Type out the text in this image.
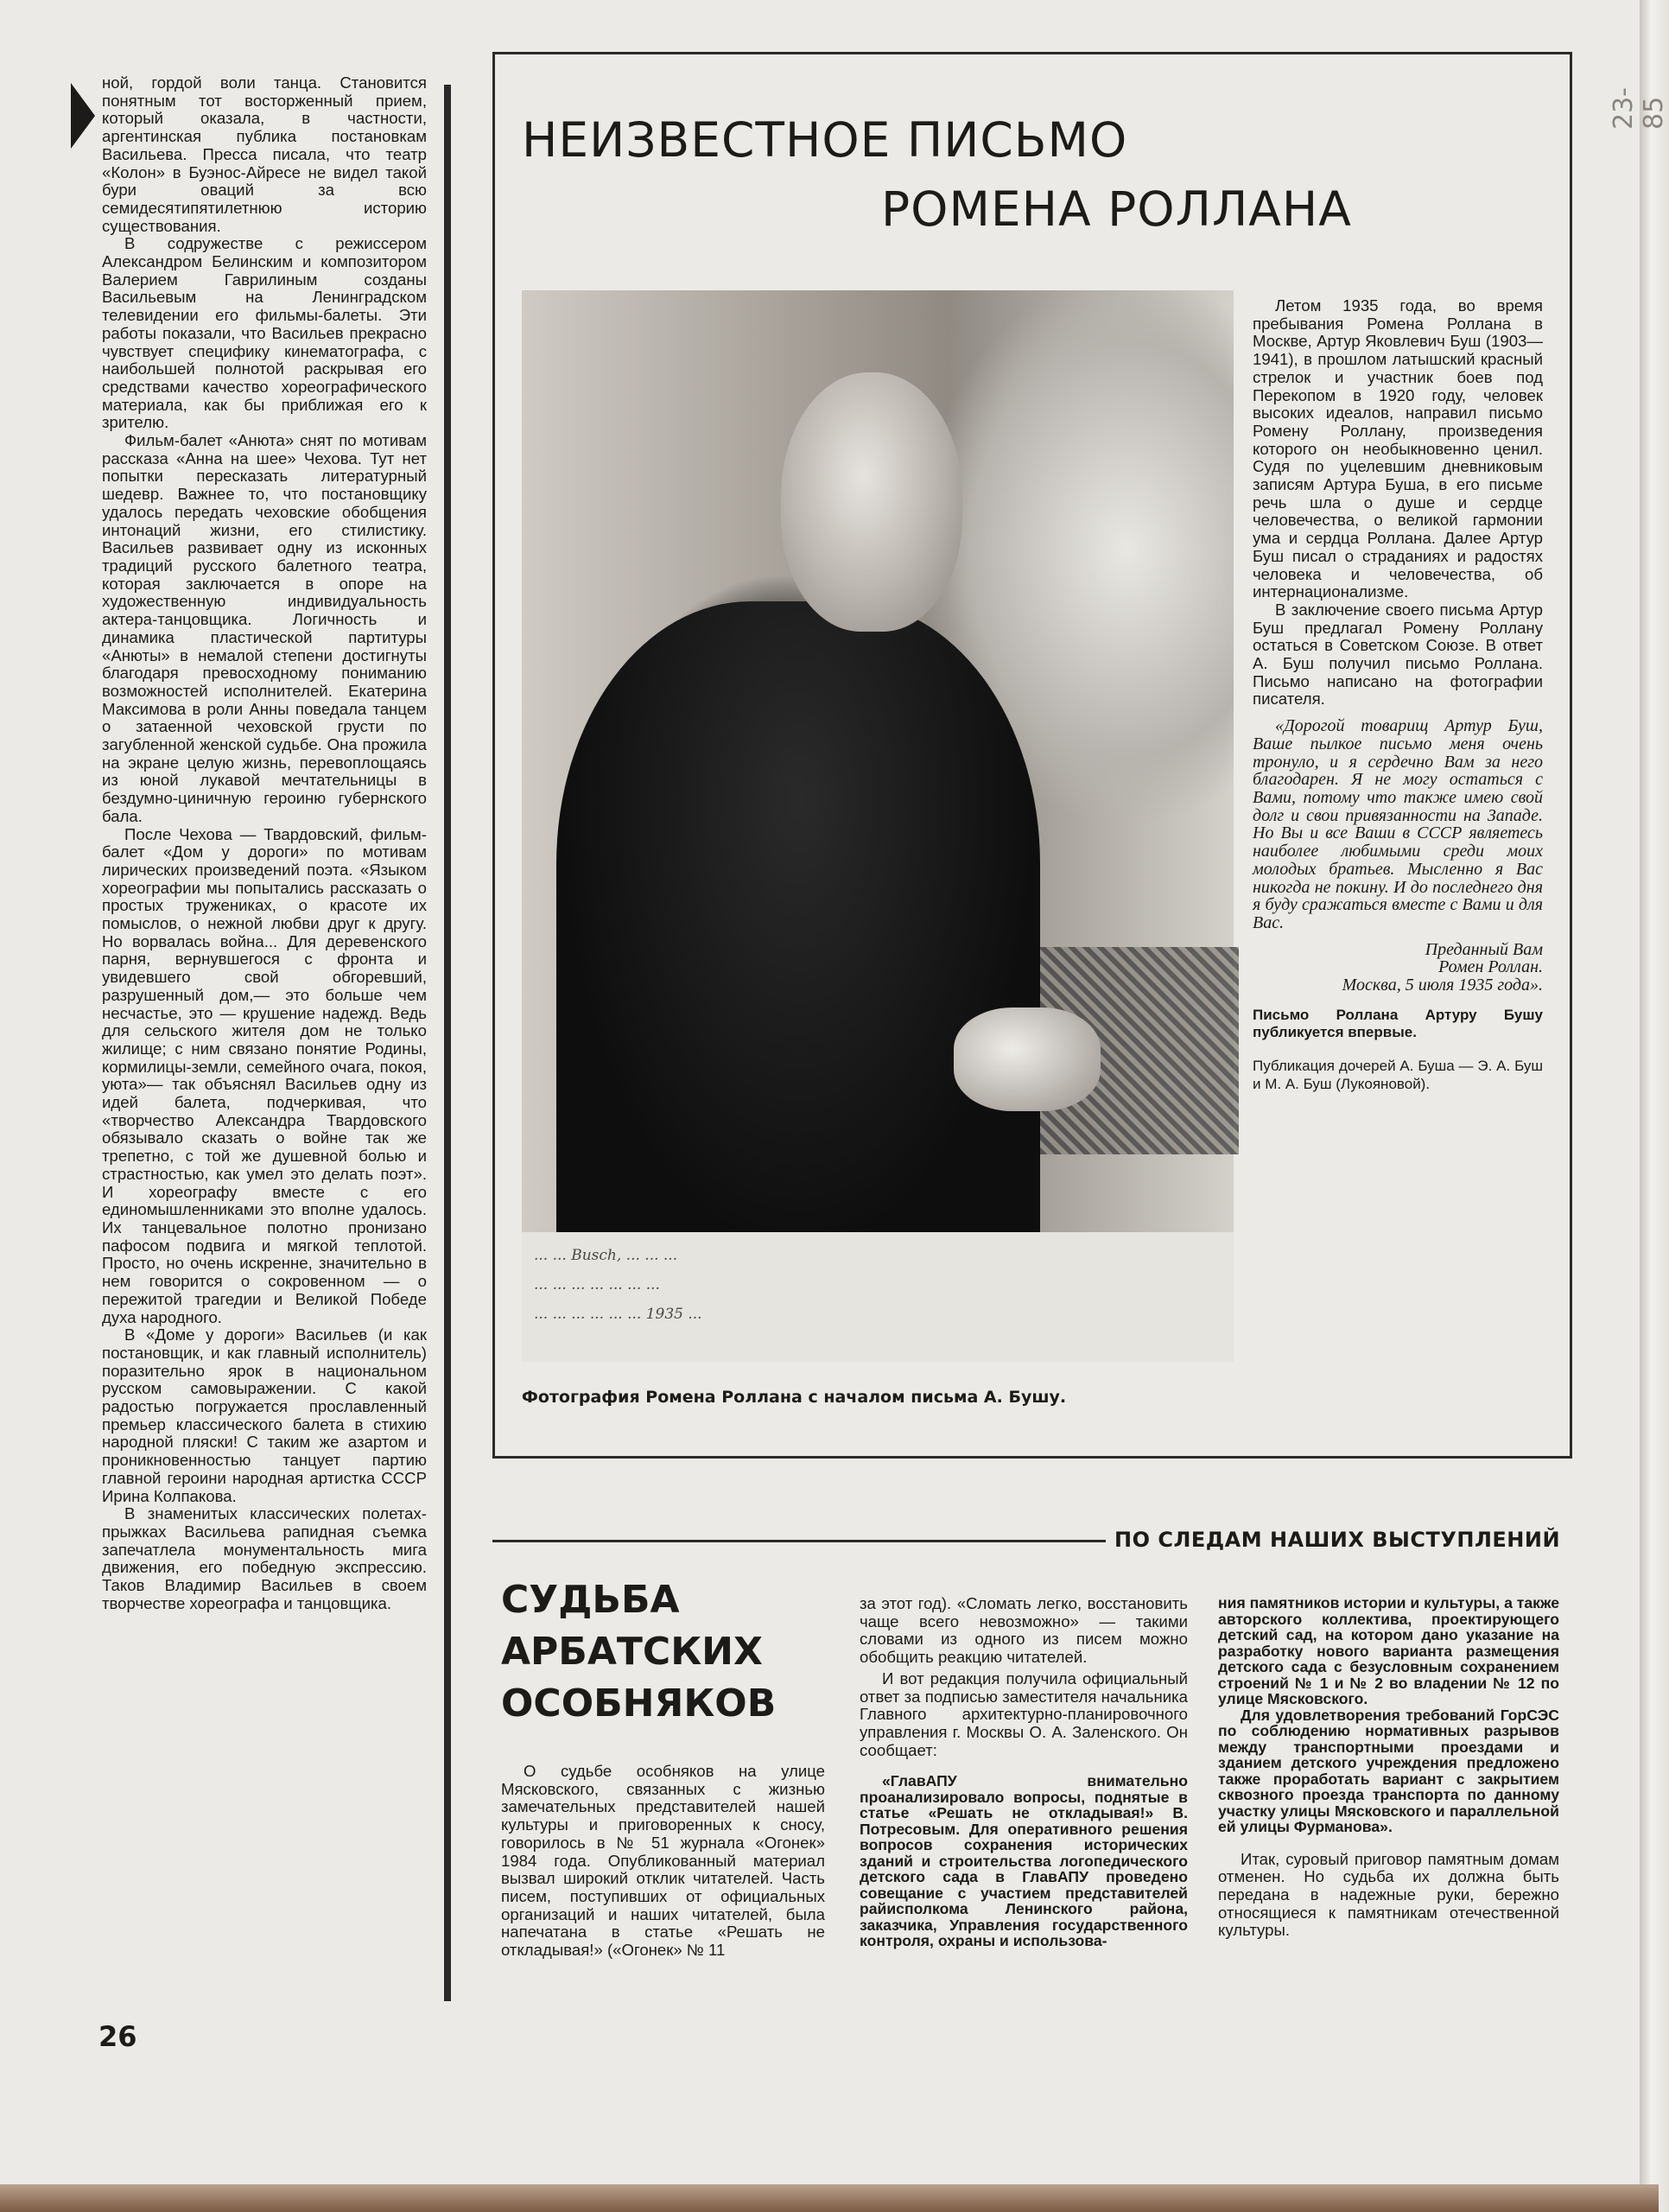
23-85

ной, гордой воли танца. Становится понятным тот восторженный прием, который оказала, в частности, аргентинская публика постановкам Васильева. Пресса писала, что театр «Колон» в Буэнос-Айресе не видел такой бури оваций за всю семидесятипятилетнюю историю существования.

В содружестве с режиссером Александром Белинским и композитором Валерием Гаврилиным созданы Васильевым на Ленинградском телевидении его фильмы-балеты. Эти работы показали, что Васильев прекрасно чувствует специфику кинематографа, с наибольшей полнотой раскрывая его средствами качество хореографического материала, как бы приближая его к зрителю.

Фильм-балет «Анюта» снят по мотивам рассказа «Анна на шее» Чехова. Тут нет попытки пересказать литературный шедевр. Важнее то, что постановщику удалось передать чеховские обобщения интонаций жизни, его стилистику. Васильев развивает одну из исконных традиций русского балетного театра, которая заключается в опоре на художественную индивидуальность актера-танцовщика. Логичность и динамика пластической партитуры «Анюты» в немалой степени достигнуты благодаря превосходному пониманию возможностей исполнителей. Екатерина Максимова в роли Анны поведала танцем о затаенной чеховской грусти по загубленной женской судьбе. Она прожила на экране целую жизнь, перевоплощаясь из юной лукавой мечтательницы в бездумно-циничную героиню губернского бала.

После Чехова — Твардовский, фильм-балет «Дом у дороги» по мотивам лирических произведений поэта. «Языком хореографии мы попытались рассказать о простых тружениках, о красоте их помыслов, о нежной любви друг к другу. Но ворвалась война... Для деревенского парня, вернувшегося с фронта и увидевшего свой обгоревший, разрушенный дом,— это больше чем несчастье, это — крушение надежд. Ведь для сельского жителя дом не только жилище; с ним связано понятие Родины, кормилицы-земли, семейного очага, покоя, уюта»— так объяснял Васильев одну из идей балета, подчеркивая, что «творчество Александра Твардовского обязывало сказать о войне так же трепетно, с той же душевной болью и страстностью, как умел это делать поэт». И хореографу вместе с его единомышленниками это вполне удалось. Их танцевальное полотно пронизано пафосом подвига и мягкой теплотой. Просто, но очень искренне, значительно в нем говорится о сокровенном — о пережитой трагедии и Великой Победе духа народного.

В «Доме у дороги» Васильев (и как постановщик, и как главный исполнитель) поразительно ярок в национальном русском самовыражении. С какой радостью погружается прославленный премьер классического балета в стихию народной пляски! С таким же азартом и проникновенностью танцует партию главной героини народная артистка СССР Ирина Колпакова.

В знаменитых классических полетах-прыжках Васильева рапидная съемка запечатлела монументальность мига движения, его победную экспрессию. Таков Владимир Васильев в своем творчестве хореографа и танцовщика.

НЕИЗВЕСТНОЕ ПИСЬМО
РОМЕНА РОЛЛАНА
... ... Busch, ... ... ...
... ... ... ... ... ... ...
... ... ... ... ... ... 1935 ...
Фотография Ромена Роллана с началом письма А. Бушу.

Летом 1935 года, во время пребывания Ромена Роллана в Москве, Артур Яковлевич Буш (1903—1941), в прошлом латышский красный стрелок и участник боев под Перекопом в 1920 году, человек высоких идеалов, направил письмо Ромену Роллану, произведения которого он необыкновенно ценил. Судя по уцелевшим дневниковым записям Артура Буша, в его письме речь шла о душе и сердце человечества, о великой гармонии ума и сердца Роллана. Далее Артур Буш писал о страданиях и радостях человека и человечества, об интернационализме.

В заключение своего письма Артур Буш предлагал Ромену Роллану остаться в Советском Союзе. В ответ А. Буш получил письмо Роллана. Письмо написано на фотографии писателя.

«Дорогой товарищ Артур Буш, Ваше пылкое письмо меня очень тронуло, и я сердечно Вам за него благодарен. Я не могу остаться с Вами, потому что также имею свой долг и свои привязанности на Западе. Но Вы и все Ваши в СССР являетесь наиболее любимыми среди моих молодых братьев. Мысленно я Вас никогда не покину. И до последнего дня я буду сражаться вместе с Вами и для Вас.

Преданный Вам

Ромен Роллан.

Москва, 5 июля 1935 года».

Письмо Роллана Артуру Бушу публикуется впервые.

Публикация дочерей А. Буша — Э. А. Буш и М. А. Буш (Лукояновой).

ПО СЛЕДАМ НАШИХ ВЫСТУПЛЕНИЙ
СУДЬБА АРБАТСКИХ ОСОБНЯКОВ

О судьбе особняков на улице Мясковского, связанных с жизнью замечательных представителей нашей культуры и приговоренных к сносу, говорилось в № 51 журнала «Огонек» 1984 года. Опубликованный материал вызвал широкий отклик читателей. Часть писем, поступивших от официальных организаций и наших читателей, была напечатана в статье «Решать не откладывая!» («Огонек» № 11

за этот год). «Сломать легко, восстановить чаще всего невозможно» — такими словами из одного из писем можно обобщить реакцию читателей.

И вот редакция получила официальный ответ за подписью заместителя начальника Главного архитектурно-планировочного управления г. Москвы О. А. Заленского. Он сообщает:

«ГлавАПУ внимательно проанализировало вопросы, поднятые в статье «Решать не откладывая!» В. Потресовым. Для оперативного решения вопросов сохранения исторических зданий и строительства логопедического детского сада в ГлавАПУ проведено совещание с участием представителей райисполкома Ленинского района, заказчика, Управления государственного контроля, охраны и использова-

ния памятников истории и культуры, а также авторского коллектива, проектирующего детский сад, на котором дано указание на разработку нового варианта размещения детского сада с безусловным сохранением строений № 1 и № 2 во владении № 12 по улице Мясковского.

Для удовлетворения требований ГорСЭС по соблюдению нормативных разрывов между транспортными проездами и зданием детского учреждения предложено также проработать вариант с закрытием сквозного проезда транспорта по данному участку улицы Мясковского и параллельной ей улицы Фурманова».

Итак, суровый приговор памятным домам отменен. Но судьба их должна быть передана в надежные руки, бережно относящиеся к памятникам отечественной культуры.

26
